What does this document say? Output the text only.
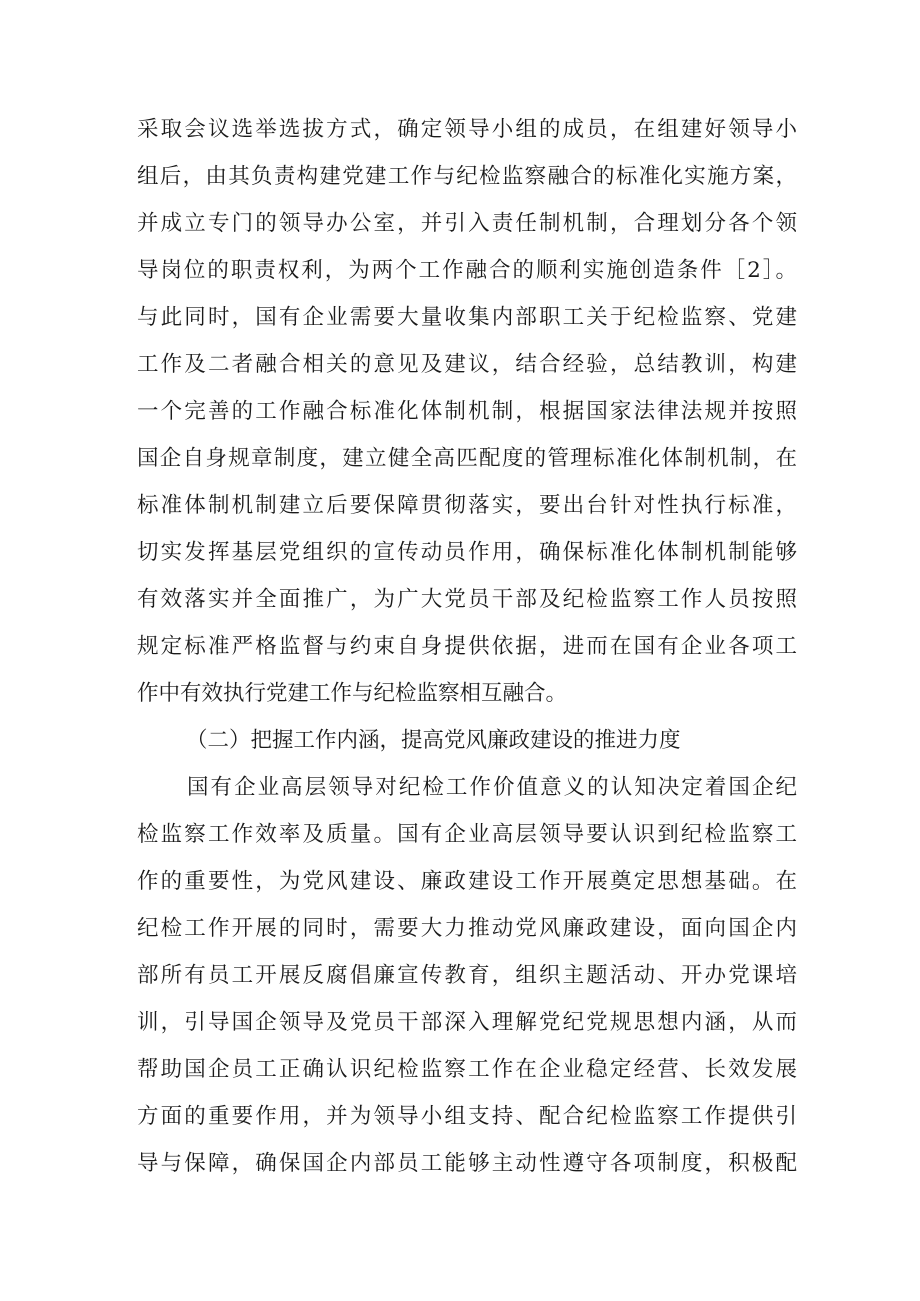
采取会议选举选拔方式，确定领导小组的成员，在组建好领导小
组后，由其负责构建党建工作与纪检监察融合的标准化实施方案，
并成立专门的领导办公室，并引入责任制机制，合理划分各个领
导岗位的职责权利，为两个工作融合的顺利实施创造条件［2］。
与此同时，国有企业需要大量收集内部职工关于纪检监察、党建
工作及二者融合相关的意见及建议，结合经验，总结教训，构建
一个完善的工作融合标准化体制机制，根据国家法律法规并按照
国企自身规章制度，建立健全高匹配度的管理标准化体制机制，在
标准体制机制建立后要保障贯彻落实，要出台针对性执行标准，
切实发挥基层党组织的宣传动员作用，确保标准化体制机制能够
有效落实并全面推广，为广大党员干部及纪检监察工作人员按照
规定标准严格监督与约束自身提供依据，进而在国有企业各项工
作中有效执行党建工作与纪检监察相互融合。
（二）把握工作内涵，提高党风廉政建设的推进力度
国有企业高层领导对纪检工作价值意义的认知决定着国企纪
检监察工作效率及质量。国有企业高层领导要认识到纪检监察工
作的重要性，为党风建设、廉政建设工作开展奠定思想基础。在
纪检工作开展的同时，需要大力推动党风廉政建设，面向国企内
部所有员工开展反腐倡廉宣传教育，组织主题活动、开办党课培
训，引导国企领导及党员干部深入理解党纪党规思想内涵，从而
帮助国企员工正确认识纪检监察工作在企业稳定经营、长效发展
方面的重要作用，并为领导小组支持、配合纪检监察工作提供引
导与保障，确保国企内部员工能够主动性遵守各项制度，积极配
